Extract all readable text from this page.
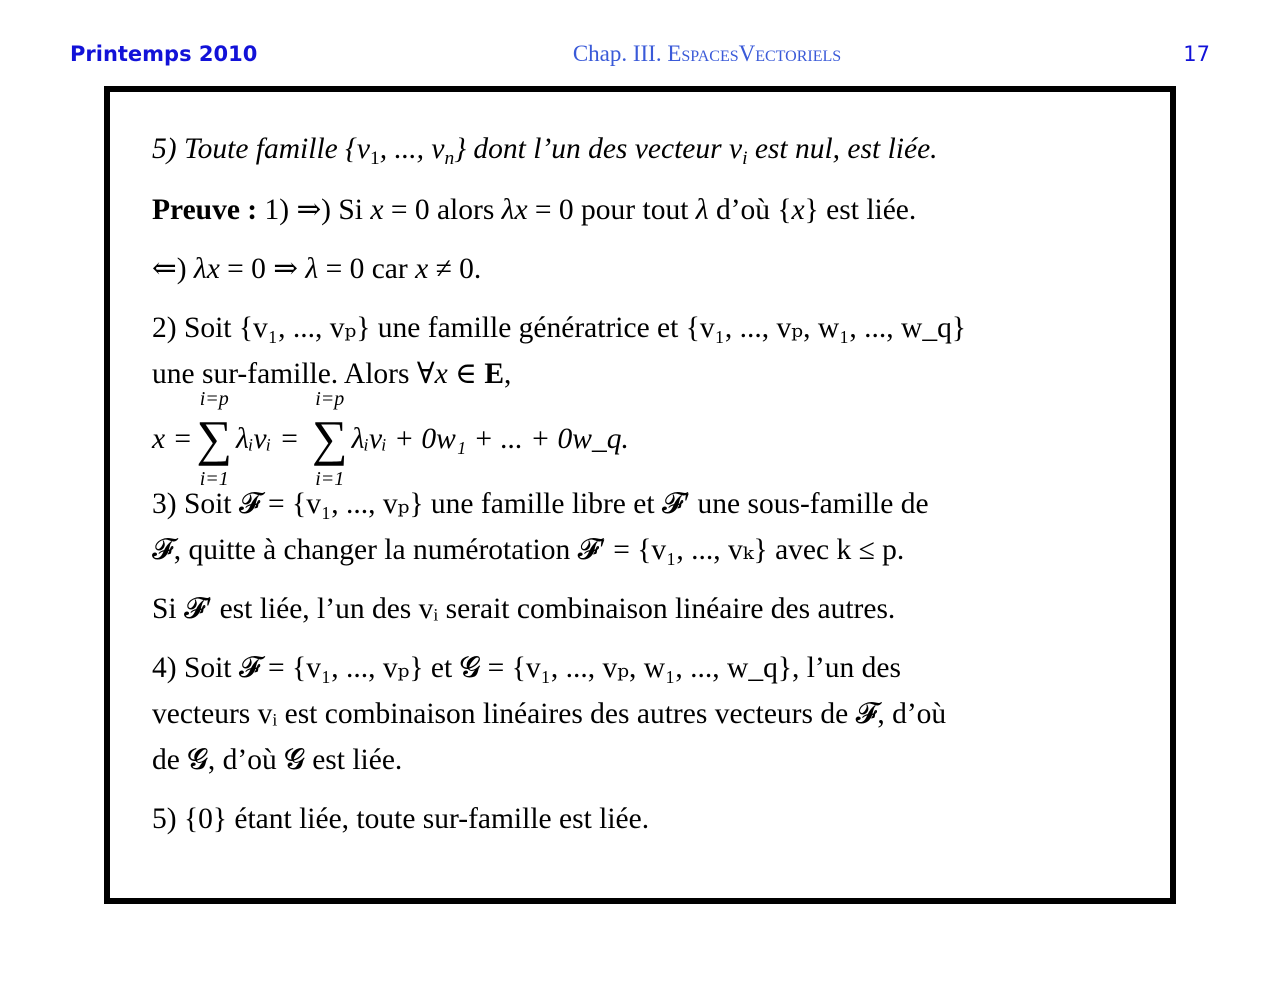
Printemps 2010	Chap. III. EspacesVectoriels	17
5) Toute famille {$v_1$, ..., $v_n$} dont l’un des vecteur $v_i$ est nul, est liée.
Preuve : 1) ⇒) Si x = 0 alors λx = 0 pour tout λ d’où {x} est liée.
⇐) λx = 0 ⇒ λ = 0 car x ≠ 0.
2) Soit {v₁, ..., vₚ} une famille génératrice et {v₁, ..., vₚ, w₁, ..., w_q}
une sur-famille. Alors ∀x ∈ E,
x =
i=p
∑
i=1
λᵢvᵢ =
i=p
∑
i=1
λᵢvᵢ + 0w₁ + ... + 0w_q.
3) Soit 𝓕 = {v₁, ..., vₚ} une famille libre et 𝓕′ une sous-famille de
𝓕, quitte à changer la numérotation 𝓕′ = {v₁, ..., vₖ} avec k ≤ p.
Si 𝓕′ est liée, l’un des vᵢ serait combinaison linéaire des autres.
4) Soit 𝓕 = {v₁, ..., vₚ} et 𝓖 = {v₁, ..., vₚ, w₁, ..., w_q}, l’un des
vecteurs vᵢ est combinaison linéaires des autres vecteurs de 𝓕, d’où
de 𝓖, d’où 𝓖 est liée.
5) {0} étant liée, toute sur-famille est liée.
